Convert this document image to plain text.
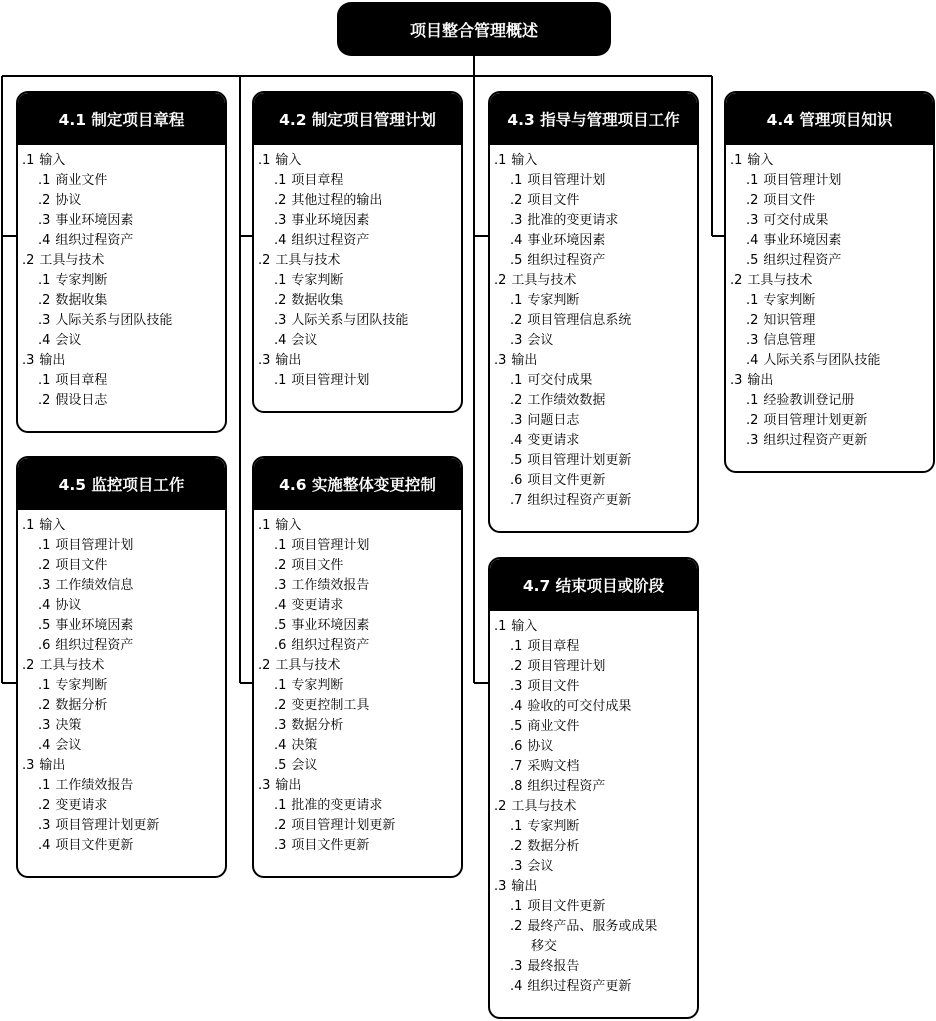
项目整合管理概述
4.1 制定项目章程
.1 输入
.1 商业文件
.2 协议
.3 事业环境因素
.4 组织过程资产
.2 工具与技术
.1 专家判断
.2 数据收集
.3 人际关系与团队技能
.4 会议
.3 输出
.1 项目章程
.2 假设日志
4.2 制定项目管理计划
.1 输入
.1 项目章程
.2 其他过程的输出
.3 事业环境因素
.4 组织过程资产
.2 工具与技术
.1 专家判断
.2 数据收集
.3 人际关系与团队技能
.4 会议
.3 输出
.1 项目管理计划
4.3 指导与管理项目工作
.1 输入
.1 项目管理计划
.2 项目文件
.3 批准的变更请求
.4 事业环境因素
.5 组织过程资产
.2 工具与技术
.1 专家判断
.2 项目管理信息系统
.3 会议
.3 输出
.1 可交付成果
.2 工作绩效数据
.3 问题日志
.4 变更请求
.5 项目管理计划更新
.6 项目文件更新
.7 组织过程资产更新
4.4 管理项目知识
.1 输入
.1 项目管理计划
.2 项目文件
.3 可交付成果
.4 事业环境因素
.5 组织过程资产
.2 工具与技术
.1 专家判断
.2 知识管理
.3 信息管理
.4 人际关系与团队技能
.3 输出
.1 经验教训登记册
.2 项目管理计划更新
.3 组织过程资产更新
4.5 监控项目工作
.1 输入
.1 项目管理计划
.2 项目文件
.3 工作绩效信息
.4 协议
.5 事业环境因素
.6 组织过程资产
.2 工具与技术
.1 专家判断
.2 数据分析
.3 决策
.4 会议
.3 输出
.1 工作绩效报告
.2 变更请求
.3 项目管理计划更新
.4 项目文件更新
4.6 实施整体变更控制
.1 输入
.1 项目管理计划
.2 项目文件
.3 工作绩效报告
.4 变更请求
.5 事业环境因素
.6 组织过程资产
.2 工具与技术
.1 专家判断
.2 变更控制工具
.3 数据分析
.4 决策
.5 会议
.3 输出
.1 批准的变更请求
.2 项目管理计划更新
.3 项目文件更新
4.7 结束项目或阶段
.1 输入
.1 项目章程
.2 项目管理计划
.3 项目文件
.4 验收的可交付成果
.5 商业文件
.6 协议
.7 采购文档
.8 组织过程资产
.2 工具与技术
.1 专家判断
.2 数据分析
.3 会议
.3 输出
.1 项目文件更新
.2 最终产品、服务或成果
移交
.3 最终报告
.4 组织过程资产更新
